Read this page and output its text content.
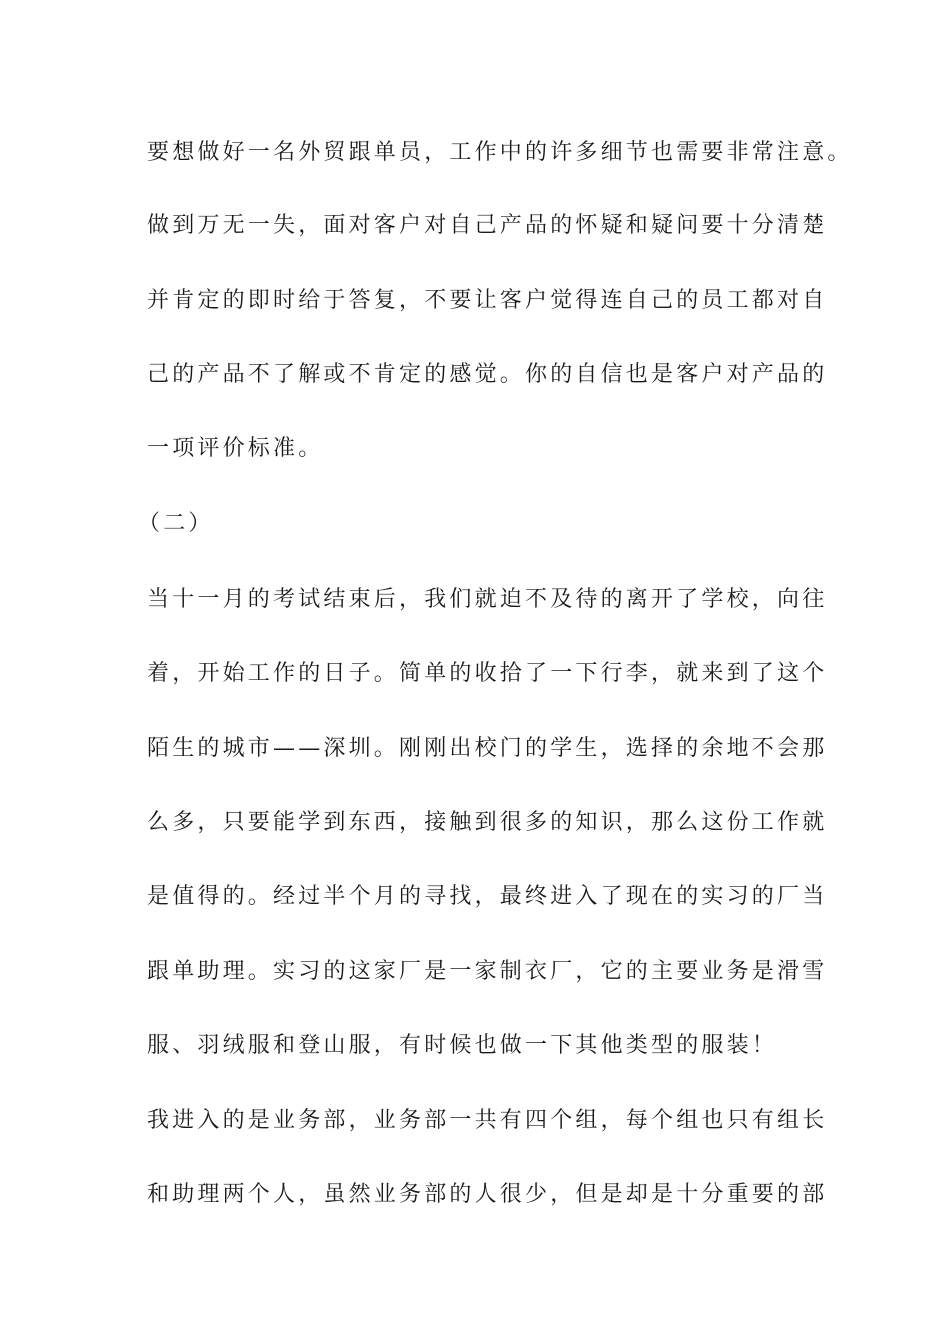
要想做好一名外贸跟单员，工作中的许多细节也需要非常注意。
做到万无一失，面对客户对自己产品的怀疑和疑问要十分清楚
并肯定的即时给于答复，不要让客户觉得连自己的员工都对自
己的产品不了解或不肯定的感觉。你的自信也是客户对产品的
一项评价标准。
（二）
当十一月的考试结束后，我们就迫不及待的离开了学校，向往
着，开始工作的日子。简单的收拾了一下行李，就来到了这个
陌生的城市——深圳。刚刚出校门的学生，选择的余地不会那
么多，只要能学到东西，接触到很多的知识，那么这份工作就
是值得的。经过半个月的寻找，最终进入了现在的实习的厂当
跟单助理。实习的这家厂是一家制衣厂，它的主要业务是滑雪
服、羽绒服和登山服，有时候也做一下其他类型的服装！
我进入的是业务部，业务部一共有四个组，每个组也只有组长
和助理两个人，虽然业务部的人很少，但是却是十分重要的部
